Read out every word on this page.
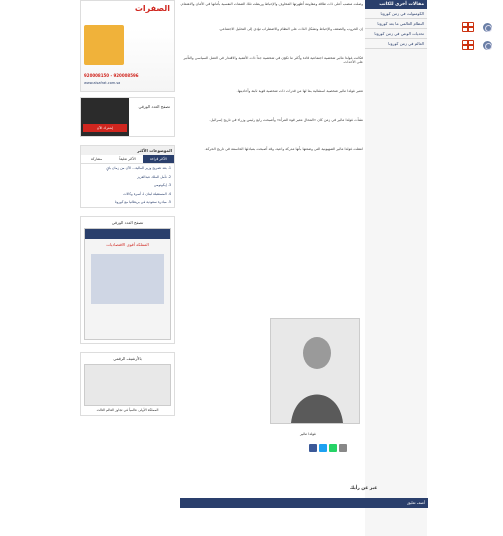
مقالات أخرى للكاتب
الكومنولث في زمن كورونا
النظام العالمي ما بعد كورونا
تحديات الوعي في زمن كورونا
العالم في زمن كورونا

وصلت منصب أعلى ذات طاقة ومقاومة أظهرتها المخاوف والإحباط وربطت تلك الصفات النفسية بأمانها في الأمان والاهتمام.

إن الحروب والضعف والإحباط وتشكل الذات على النظام والاضطراب تؤدي إلى التحليل الاجتماعي.

فكانت غولدا مائير شخصية اجتماعية قادة وأكثر ما تكوّن في شخصية جداً ذات الأهمية والاقتدار في العمل السياسي والتأثير على الأحداث.

تعتبر غولدا مائير شخصية استثنائية بما لها من قدرات ذات شخصية قوية ثابتة وأحاديتها.

نشأت غولدا مائير في زمن كان «المحال معبر قوة المرأة» وأصبحت رابع رئيس وزراء في تاريخ إسرائيل.

انتقلت غولدا مائير الصهيونية التي وضعتها بأنها مدركة واعية، وقد أصبحت بمبادئها الحاسمة في تاريخ الحركة.

غولدا مائير
عبر عن رأيك
أضف تعليق
الصفرات
920008150 - 920008596
www.alsafrat.com.sa
تصفح العدد الورقي
إشترك الآن
الموضوعات الأكثر
الأكثر قراءة
الأكثر تعليقاً
مشاركة
1. بعد تصريح وزير المالية... الآن من زمان باقٍ
2. نأمل الملك عبدالعزيز
3. إيكونومي
4. المستقبلة لبنان لـ أسرة وكالات
5. مبادرة سعودية في بريطانيا مع كورونا
تصفح العدد الورقي
المملكة أقوى الاقتصاديات
بالأرشيف الرقمي
المملكة الأولى عالمياً في تجاوز العالم الثالث
